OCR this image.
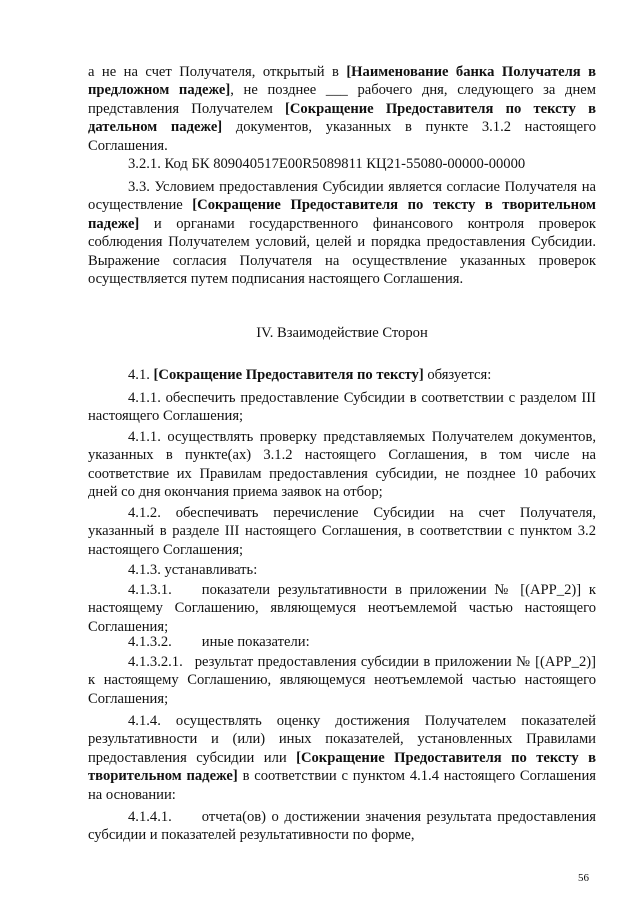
а не на счет Получателя, открытый в [Наименование банка Получателя в предложном падеже], не позднее ___ рабочего дня, следующего за днем представления Получателем [Сокращение Предоставителя по тексту в дательном падеже] документов, указанных в пункте 3.1.2 настоящего Соглашения.

3.2.1. Код БК 809040517Е00R5089811 КЦ21-55080-00000-00000

3.3. Условием предоставления Субсидии является согласие Получателя на осуществление [Сокращение Предоставителя по тексту в творительном падеже] и органами государственного финансового контроля проверок соблюдения Получателем условий, целей и порядка предоставления Субсидии. Выражение согласия Получателя на осуществление указанных проверок осуществляется путем подписания настоящего Соглашения.

IV. Взаимодействие Сторон

4.1. [Сокращение Предоставителя по тексту] обязуется:

4.1.1. обеспечить предоставление Субсидии в соответствии с разделом III настоящего Соглашения;

4.1.1. осуществлять проверку представляемых Получателем документов, указанных в пункте(ах) 3.1.2 настоящего Соглашения, в том числе на соответствие их Правилам предоставления субсидии, не позднее 10 рабочих дней со дня окончания приема заявок на отбор;

4.1.2. обеспечивать перечисление Субсидии на счет Получателя, указанный в разделе III настоящего Соглашения, в соответствии с пунктом 3.2 настоящего Соглашения;

4.1.3. устанавливать:

4.1.3.1. показатели результативности в приложении № [(APP_2)] к настоящему Соглашению, являющемуся неотъемлемой частью настоящего Соглашения;

4.1.3.2. иные показатели:

4.1.3.2.1. результат предоставления субсидии в приложении № [(APP_2)] к настоящему Соглашению, являющемуся неотъемлемой частью настоящего Соглашения;

4.1.4. осуществлять оценку достижения Получателем показателей результативности и (или) иных показателей, установленных Правилами предоставления субсидии или [Сокращение Предоставителя по тексту в творительном падеже] в соответствии с пунктом 4.1.4 настоящего Соглашения на основании:

4.1.4.1. отчета(ов) о достижении значения результата предоставления субсидии и показателей результативности по форме,

56
